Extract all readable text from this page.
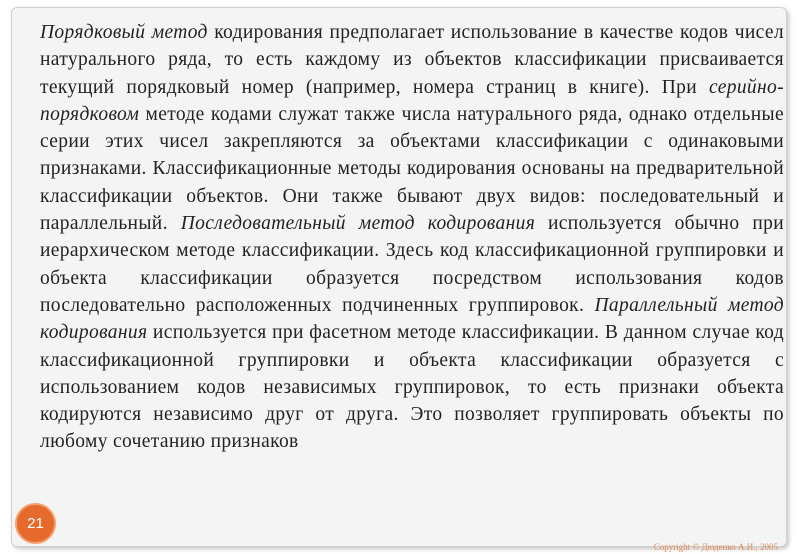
Порядковый метод кодирования предполагает использование в качестве кодов чисел натурального ряда, то есть каждому из объектов классификации присваивается текущий порядковый номер (например, номера страниц в книге). При серийно-порядковом методе кодами служат также числа натурального ряда, однако отдельные серии этих чисел закрепляются за объектами классификации с одинаковыми признаками. Классификационные методы кодирования основаны на предварительной классификации объектов. Они также бывают двух видов: последовательный и параллельный. Последовательный метод кодирования используется обычно при иерархическом методе классификации. Здесь код классификационной группировки и объекта классификации образуется посредством использования кодов последовательно расположенных подчиненных группировок. Параллельный метод кодирования используется при фасетном методе классификации. В данном случае код классификационной группировки и объекта классификации образуется с использованием кодов независимых группировок, то есть признаки объекта кодируются независимо друг от друга. Это позволяет группировать объекты по любому сочетанию признаков

21
Copyright © Дюденко А.И., 2005
